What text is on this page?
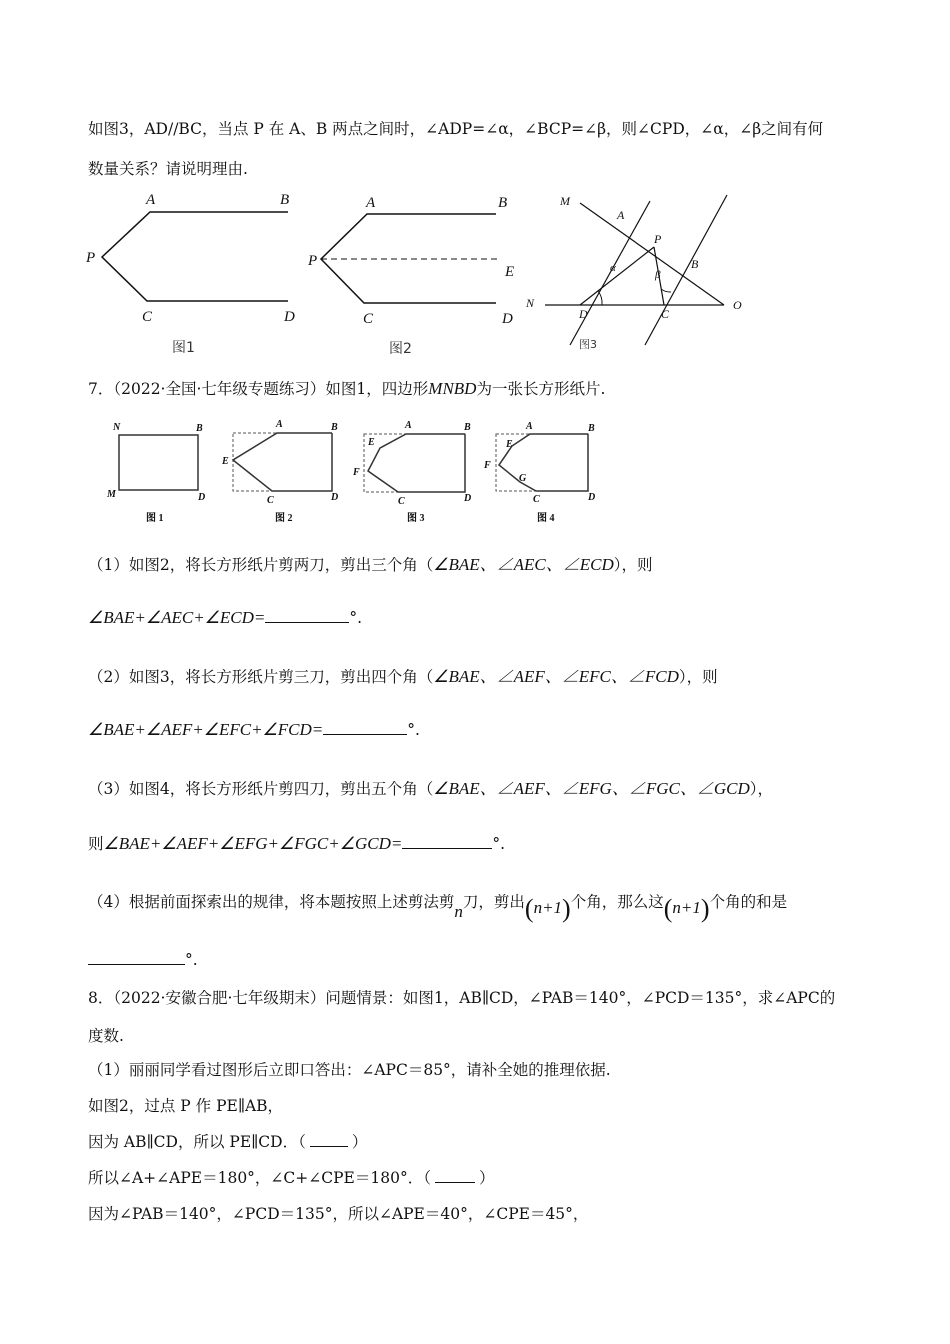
如图3，AD//BC，当点 P 在 A、B 两点之间时，∠ADP=∠α，∠BCP=∠β，则∠CPD，∠α，∠β之间有何
数量关系？请说明理由.
A	B
P
C	D
图1
A	B
P
E
C	D
图2
M
A
P
α
β
B
N
D	C
O
图3
7．（2022·全国·七年级专题练习）如图1，四边形MNBD为一张长方形纸片.
N	B
M	D
图 1
A	B
E
C	D
图 2
E
A	B
F
C	D
图 3
E
A	B
F
G
C	D
图 4
（1）如图2，将长方形纸片剪两刀，剪出三个角（∠BAE、∠AEC、∠ECD），则
∠BAE+∠AEC+∠ECD=	°.
（2）如图3，将长方形纸片剪三刀，剪出四个角（∠BAE、∠AEF、∠EFC、∠FCD），则
∠BAE+∠AEF+∠EFC+∠FCD=	°.
（3）如图4，将长方形纸片剪四刀，剪出五个角（∠BAE、∠AEF、∠EFG、∠FGC、∠GCD），
则∠BAE+∠AEF+∠EFG+∠FGC+∠GCD=	°.
（4）根据前面探索出的规律，将本题按照上述剪法剪n刀，剪出(n+1)个角，那么这(n+1)个角的和是
°.
8．（2022·安徽合肥·七年级期末）问题情景：如图1，AB∥CD，∠PAB＝140°，∠PCD＝135°，求∠APC的
度数.
（1）丽丽同学看过图形后立即口答出：∠APC＝85°，请补全她的推理依据.
如图2，过点 P 作 PE∥AB，
因为 AB∥CD，所以 PE∥CD．（	）
所以∠A+∠APE＝180°，∠C+∠CPE＝180°．（	）
因为∠PAB＝140°，∠PCD＝135°，所以∠APE＝40°，∠CPE＝45°，
